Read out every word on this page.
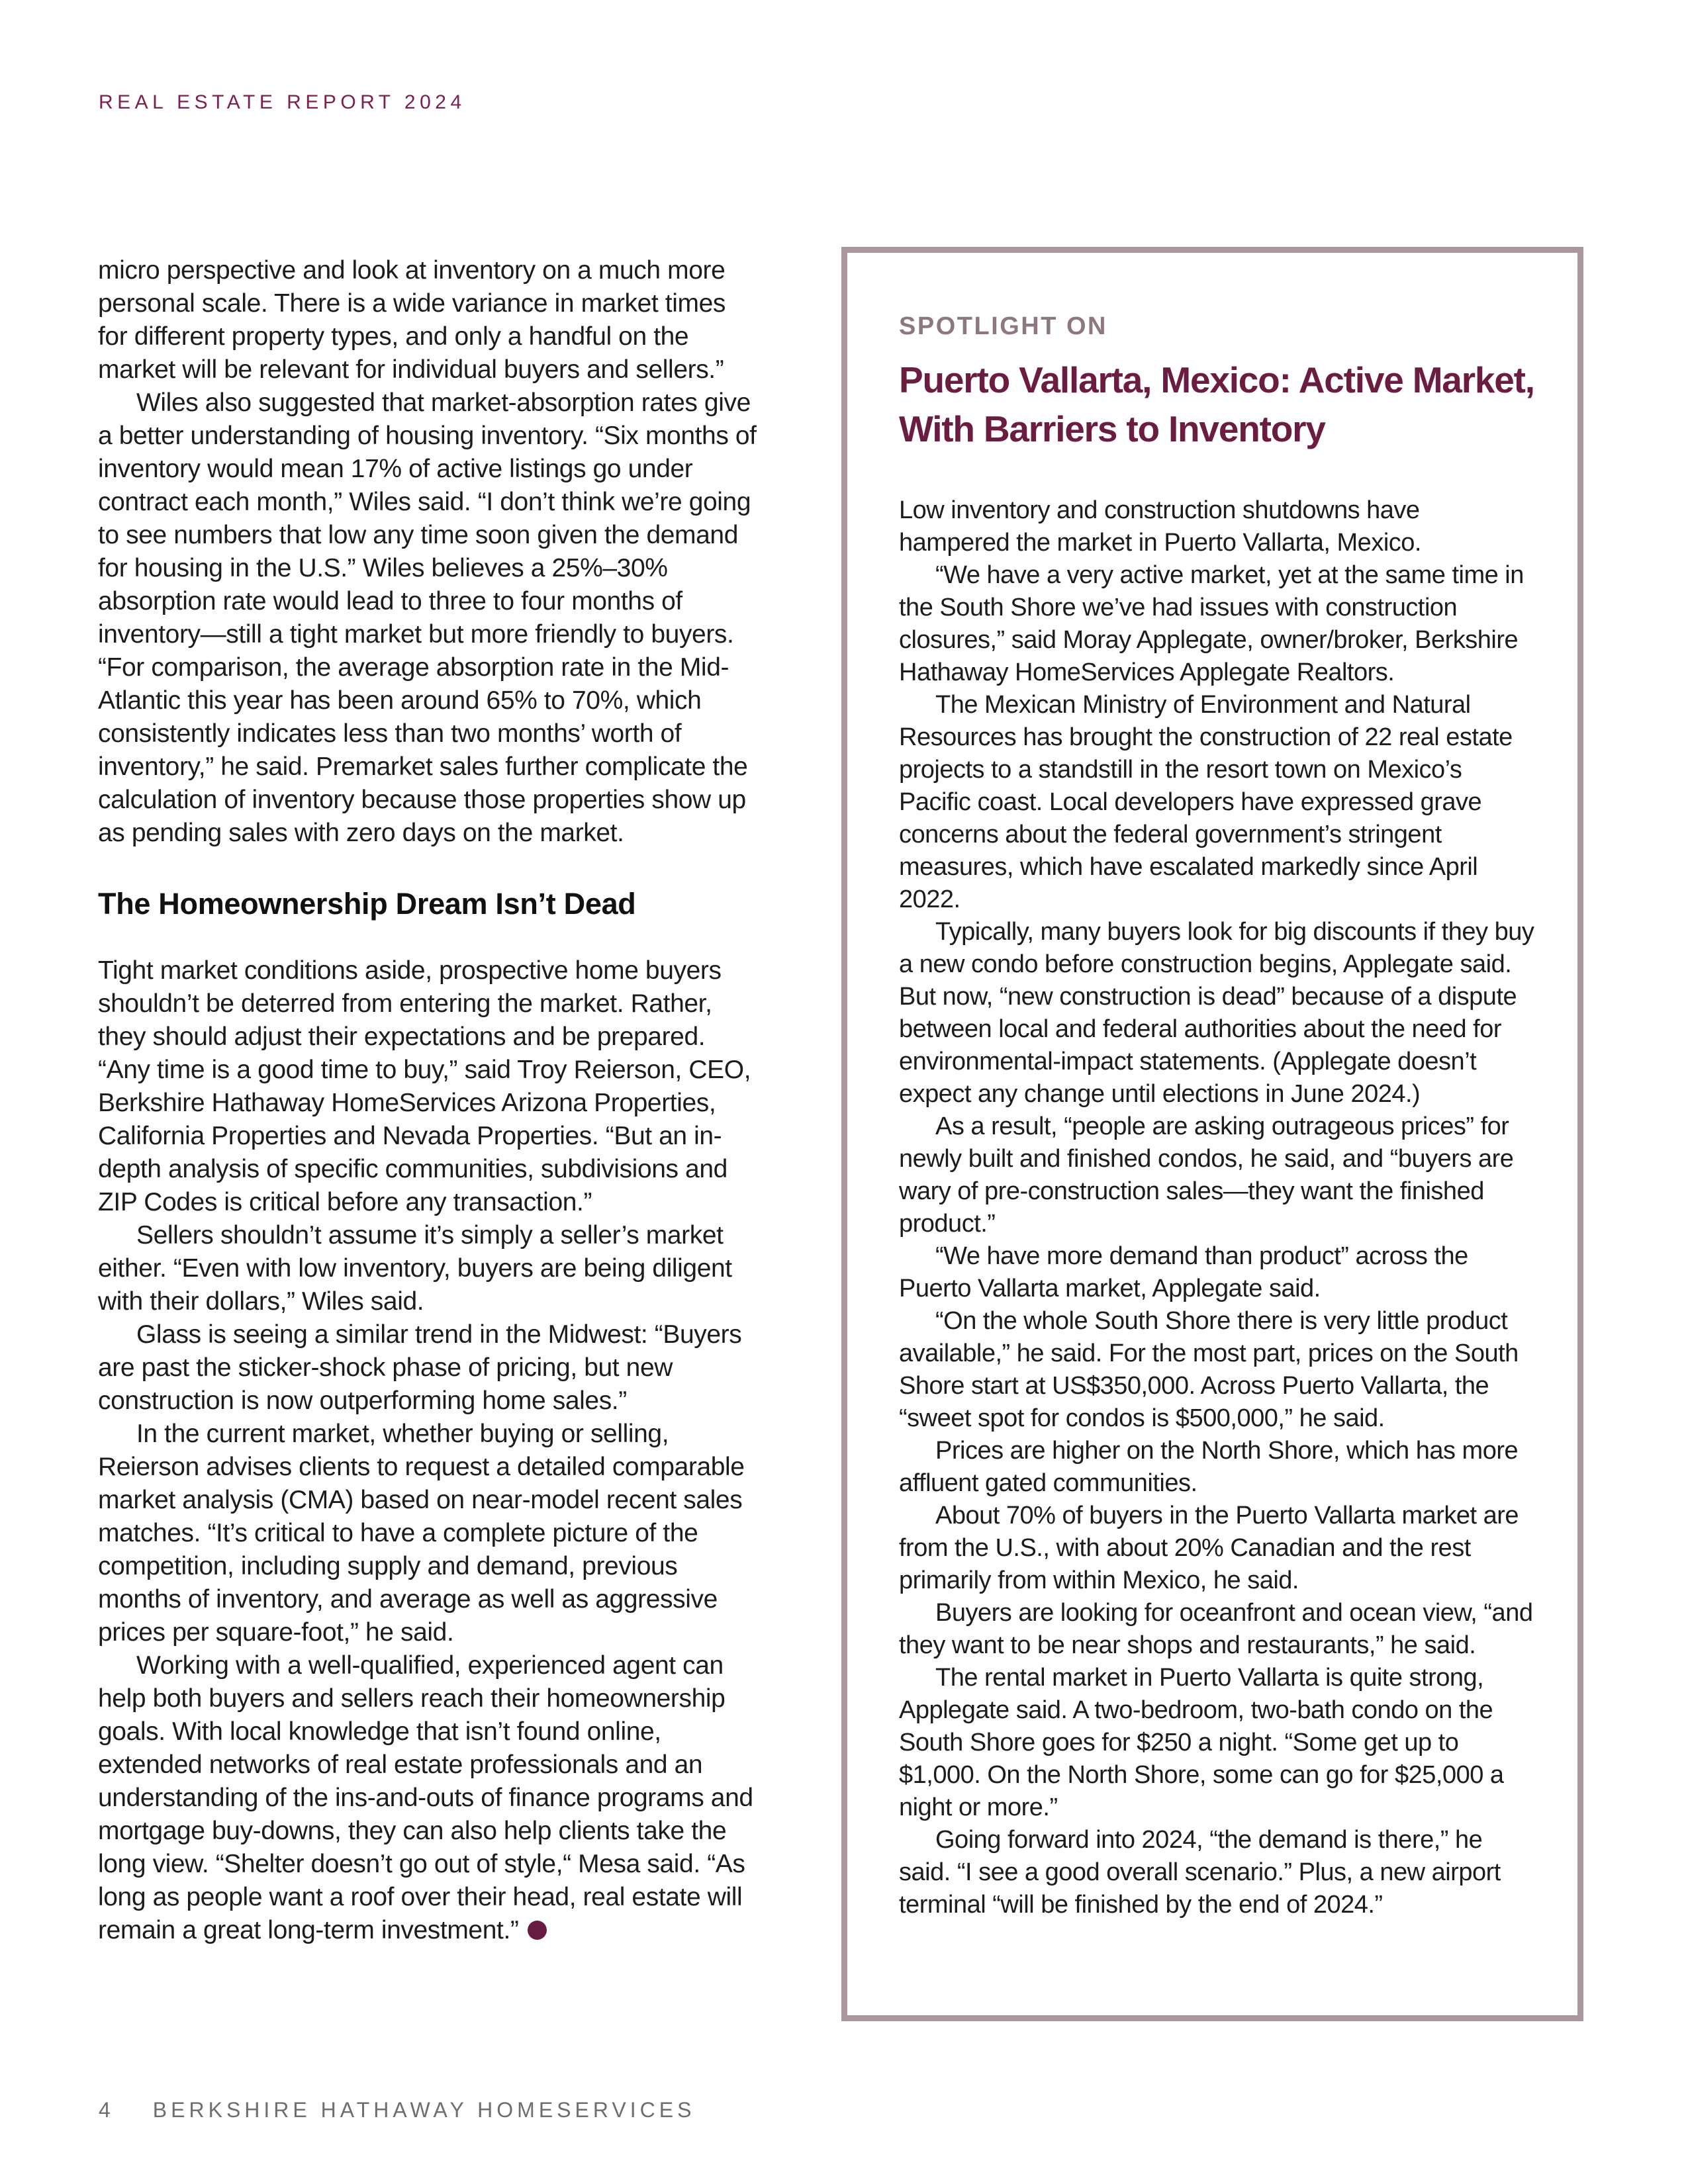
REAL ESTATE REPORT 2024

micro perspective and look at inventory on a much more personal scale. There is a wide variance in market times for different property types, and only a handful on the market will be relevant for individual buyers and sellers.”

Wiles also suggested that market-absorption rates give a better understanding of housing inventory. “Six months of inventory would mean 17% of active listings go under contract each month,” Wiles said. “I don’t think we’re going to see numbers that low any time soon given the demand for housing in the U.S.” Wiles believes a 25%–30% absorption rate would lead to three to four months of inventory—still a tight market but more friendly to buyers. “For comparison, the average absorption rate in the Mid-Atlantic this year has been around 65% to 70%, which consistently indicates less than two months’ worth of inventory,” he said. Premarket sales further complicate the calculation of inventory because those properties show up as pending sales with zero days on the market.

The Homeownership Dream Isn’t Dead

Tight market conditions aside, prospective home buyers shouldn’t be deterred from entering the market. Rather, they should adjust their expectations and be prepared. “Any time is a good time to buy,” said Troy Reierson, CEO, Berkshire Hathaway HomeServices Arizona Properties, California Properties and Nevada Properties. “But an in-depth analysis of specific communities, subdivisions and ZIP Codes is critical before any transaction.”

Sellers shouldn’t assume it’s simply a seller’s market either. “Even with low inventory, buyers are being diligent with their dollars,” Wiles said.

Glass is seeing a similar trend in the Midwest: “Buyers are past the sticker-shock phase of pricing, but new construction is now outperforming home sales.”

In the current market, whether buying or selling, Reierson advises clients to request a detailed comparable market analysis (CMA) based on near-model recent sales matches. “It’s critical to have a complete picture of the competition, including supply and demand, previous months of inventory, and average as well as aggressive prices per square-foot,” he said.

Working with a well-qualified, experienced agent can help both buyers and sellers reach their homeownership goals. With local knowledge that isn’t found online, extended networks of real estate professionals and an understanding of the ins-and-outs of finance programs and mortgage buy-downs, they can also help clients take the long view. “Shelter doesn’t go out of style,“ Mesa said. “As long as people want a roof over their head, real estate will remain a great long-term investment.”

SPOTLIGHT ON
Puerto Vallarta, Mexico: Active Market, With Barriers to Inventory

Low inventory and construction shutdowns have hampered the market in Puerto Vallarta, Mexico.

“We have a very active market, yet at the same time in the South Shore we’ve had issues with construction closures,” said Moray Applegate, owner/broker, Berkshire Hathaway HomeServices Applegate Realtors.

The Mexican Ministry of Environment and Natural Resources has brought the construction of 22 real estate projects to a standstill in the resort town on Mexico’s Pacific coast. Local developers have expressed grave concerns about the federal government’s stringent measures, which have escalated markedly since April 2022.

Typically, many buyers look for big discounts if they buy a new condo before construction begins, Applegate said. But now, “new construction is dead” because of a dispute between local and federal authorities about the need for environmental-impact statements. (Applegate doesn’t expect any change until elections in June 2024.)

As a result, “people are asking outrageous prices” for newly built and finished condos, he said, and “buyers are wary of pre-construction sales—they want the finished product.”

“We have more demand than product” across the Puerto Vallarta market, Applegate said.

“On the whole South Shore there is very little product available,” he said. For the most part, prices on the South Shore start at US$350,000. Across Puerto Vallarta, the “sweet spot for condos is $500,000,” he said.

Prices are higher on the North Shore, which has more affluent gated communities.

About 70% of buyers in the Puerto Vallarta market are from the U.S., with about 20% Canadian and the rest primarily from within Mexico, he said.

Buyers are looking for oceanfront and ocean view, “and they want to be near shops and restaurants,” he said.

The rental market in Puerto Vallarta is quite strong, Applegate said. A two-bedroom, two-bath condo on the South Shore goes for $250 a night. “Some get up to $1,000. On the North Shore, some can go for $25,000 a night or more.”

Going forward into 2024, “the demand is there,” he said. “I see a good overall scenario.” Plus, a new airport terminal “will be finished by the end of 2024.”

4 BERKSHIRE HATHAWAY HOMESERVICES
